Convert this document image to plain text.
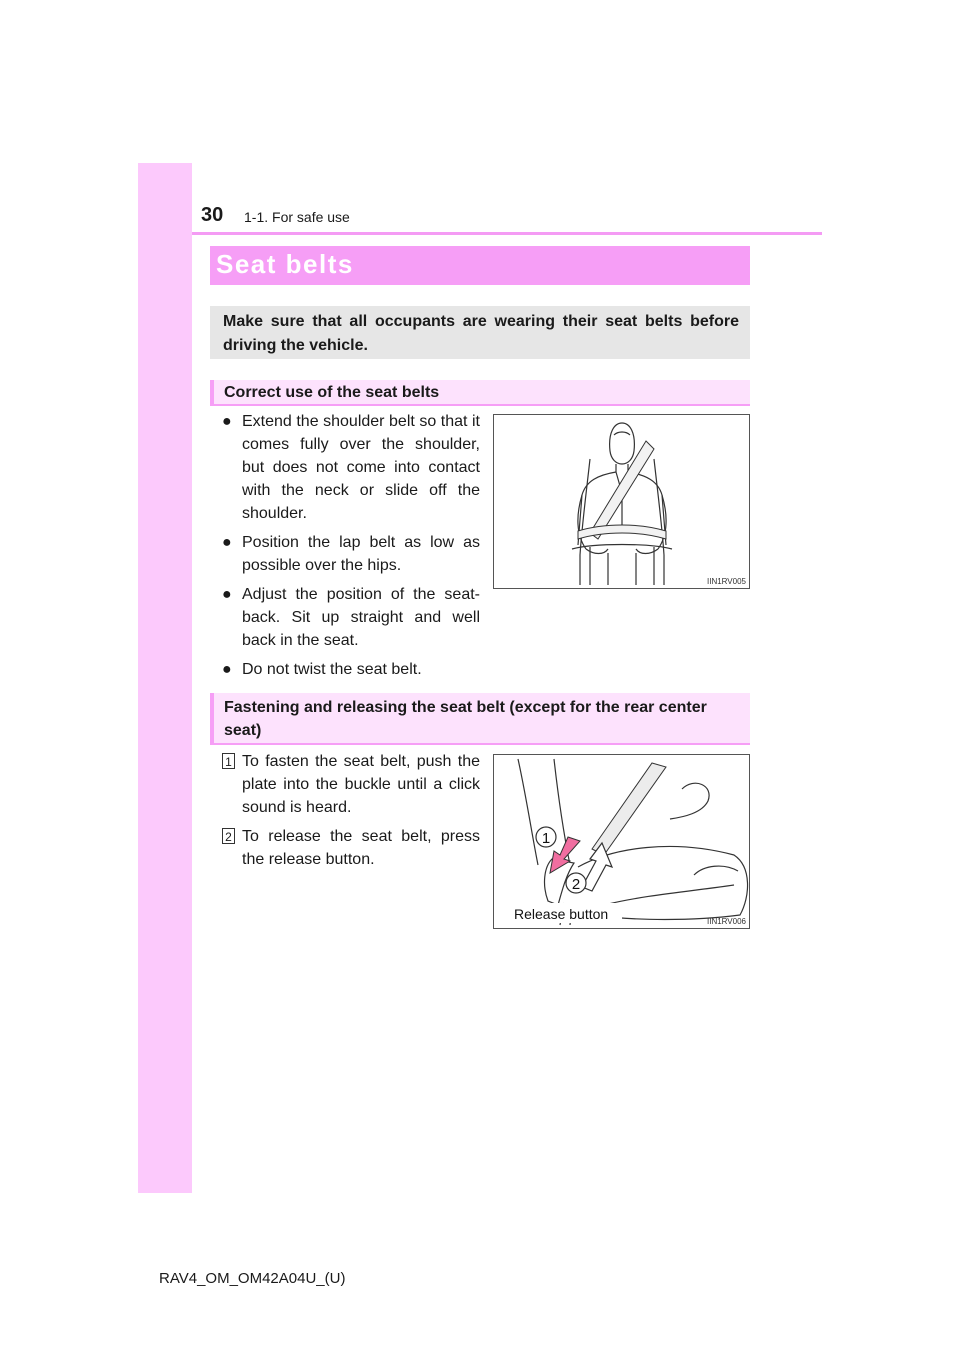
30 1-1. For safe use
Seat belts
Make sure that all occupants are wearing their seat belts before driving the vehicle.
Correct use of the seat belts
● Extend the shoulder belt so that it comes fully over the shoulder, but does not come into contact with the neck or slide off the shoulder.
● Position the lap belt as low as possible over the hips.
● Adjust the position of the seat-back. Sit up straight and well back in the seat.
● Do not twist the seat belt.
IIN1RV005
Fastening and releasing the seat belt (except for the rear center seat)
1 To fasten the seat belt, push the plate into the buckle until a click sound is heard.
2 To release the seat belt, press the release button.
1
2
Release button	IIN1RV006
RAV4_OM_OM42A04U_(U)
